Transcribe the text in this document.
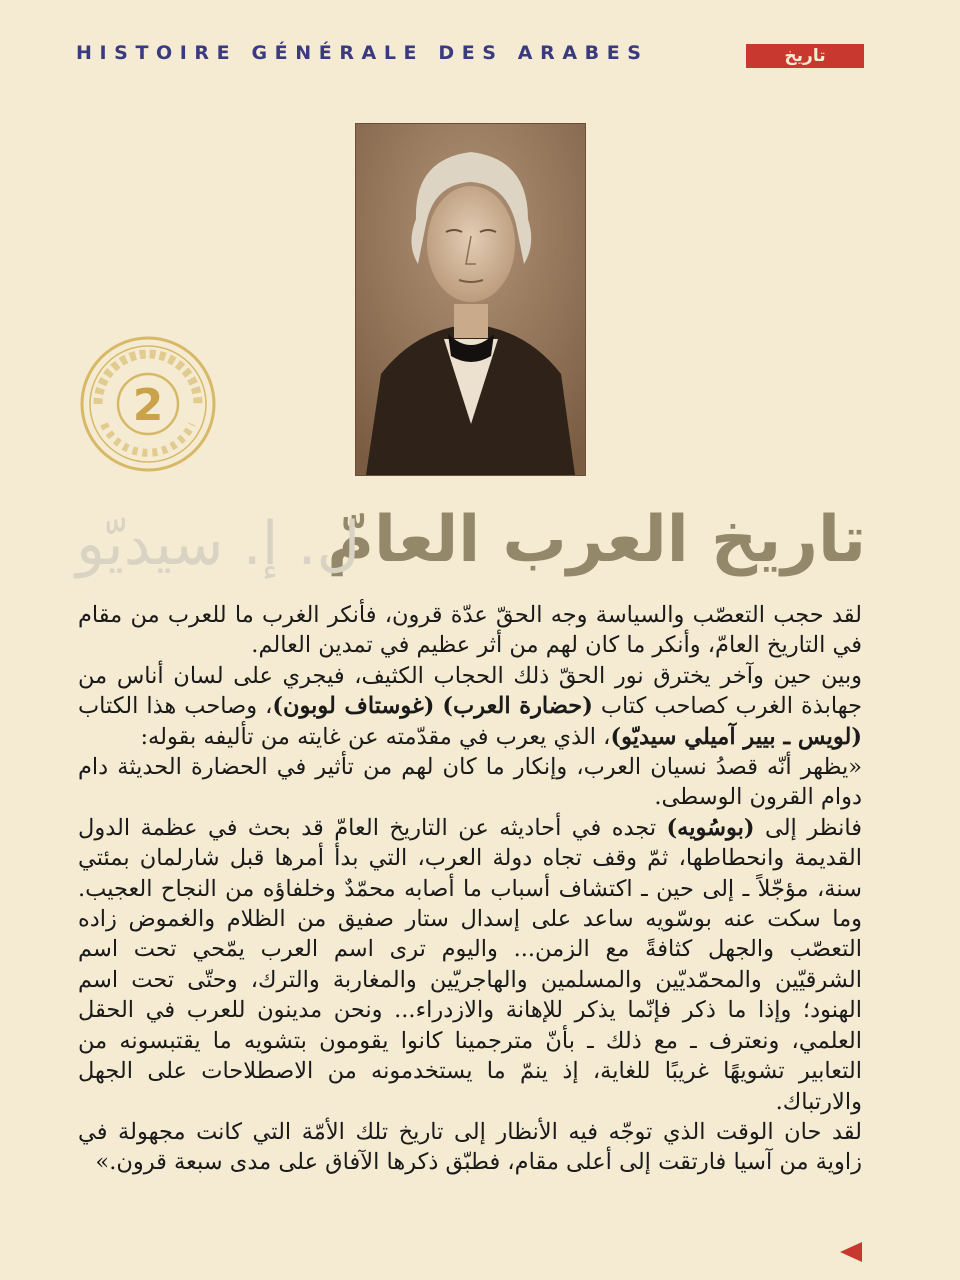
HISTOIRE GÉNÉRALE DES ARABES	تاريخ
2
تاريخ العرب العامّ
ل. إ. سيديّو

لقد حجب التعصّب والسياسة وجه الحقّ عدّة قرون، فأنكر الغرب ما للعرب من مقام في التاريخ العامّ، وأنكر ما كان لهم من أثر عظيم في تمدين العالم.

وبين حين وآخر يخترق نور الحقّ ذلك الحجاب الكثيف، فيجري على لسان أناس من جهابذة الغرب كصاحب كتاب (حضارة العرب) (غوستاف لوبون)، وصاحب هذا الكتاب (لويس ـ بيير آميلي سيديّو)، الذي يعرب في مقدّمته عن غايته من تأليفه بقوله:

«يظهر أنّه قصدُ نسيان العرب، وإنكار ما كان لهم من تأثير في الحضارة الحديثة دام دوام القرون الوسطى.

فانظر إلى (بوسُويه) تجده في أحاديثه عن التاريخ العامّ قد بحث في عظمة الدول القديمة وانحطاطها، ثمّ وقف تجاه دولة العرب، التي بدأ أمرها قبل شارلمان بمئتي سنة، مؤجّلاً ـ إلى حين ـ اكتشاف أسباب ما أصابه محمّدٌ وخلفاؤه من النجاح العجيب. وما سكت عنه بوسّويه ساعد على إسدال ستار صفيق من الظلام والغموض زاده التعصّب والجهل كثافةً مع الزمن... واليوم ترى اسم العرب يمّحي تحت اسم الشرقيّين والمحمّديّين والمسلمين والهاجريّين والمغاربة والترك، وحتّى تحت اسم الهنود؛ وإذا ما ذكر فإنّما يذكر للإهانة والازدراء... ونحن مدينون للعرب في الحقل العلمي، ونعترف ـ مع ذلك ـ بأنّ مترجمينا كانوا يقومون بتشويه ما يقتبسونه من التعابير تشويهًا غريبًا للغاية، إذ ينمّ ما يستخدمونه من الاصطلاحات على الجهل والارتباك.

لقد حان الوقت الذي توجّه فيه الأنظار إلى تاريخ تلك الأمّة التي كانت مجهولة في زاوية من آسيا فارتقت إلى أعلى مقام، فطبّق ذكرها الآفاق على مدى سبعة قرون.»
